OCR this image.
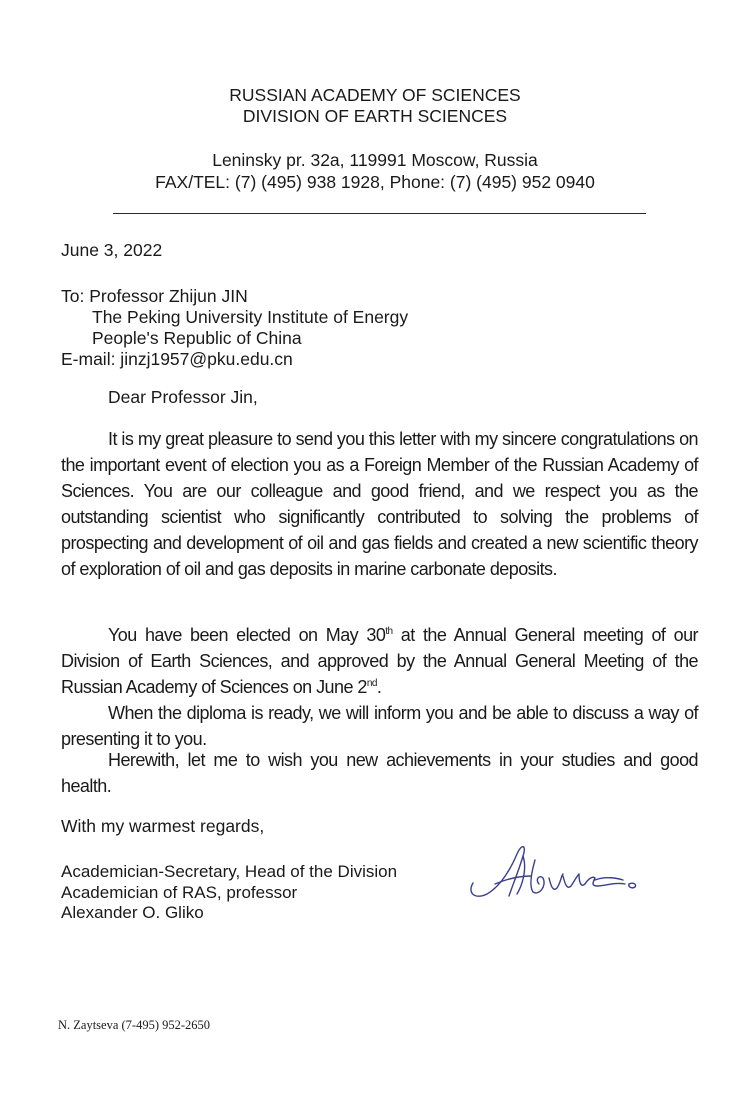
RUSSIAN ACADEMY OF SCIENCES
DIVISION OF EARTH SCIENCES
Leninsky pr. 32a, 119991 Moscow, Russia
FAX/TEL: (7) (495) 938 1928, Phone: (7) (495) 952 0940
June 3, 2022
To: Professor Zhijun JIN
The Peking University Institute of Energy
People's Republic of China
E-mail: jinzj1957@pku.edu.cn
Dear Professor Jin,

It is my great pleasure to send you this letter with my sincere congratulations on the important event of election you as a Foreign Member of the Russian Academy of Sciences. You are our colleague and good friend, and we respect you as the outstanding scientist who significantly contributed to solving the problems of prospecting and development of oil and gas fields and created a new scientific theory of exploration of oil and gas deposits in marine carbonate deposits.

You have been elected on May 30th at the Annual General meeting of our Division of Earth Sciences, and approved by the Annual General Meeting of the Russian Academy of Sciences on June 2nd.

When the diploma is ready, we will inform you and be able to discuss a way of presenting it to you.

Herewith, let me to wish you new achievements in your studies and good health.

With my warmest regards,
Academician-Secretary, Head of the Division
Academician of RAS, professor
Alexander O. Gliko
N. Zaytseva (7-495) 952-2650
